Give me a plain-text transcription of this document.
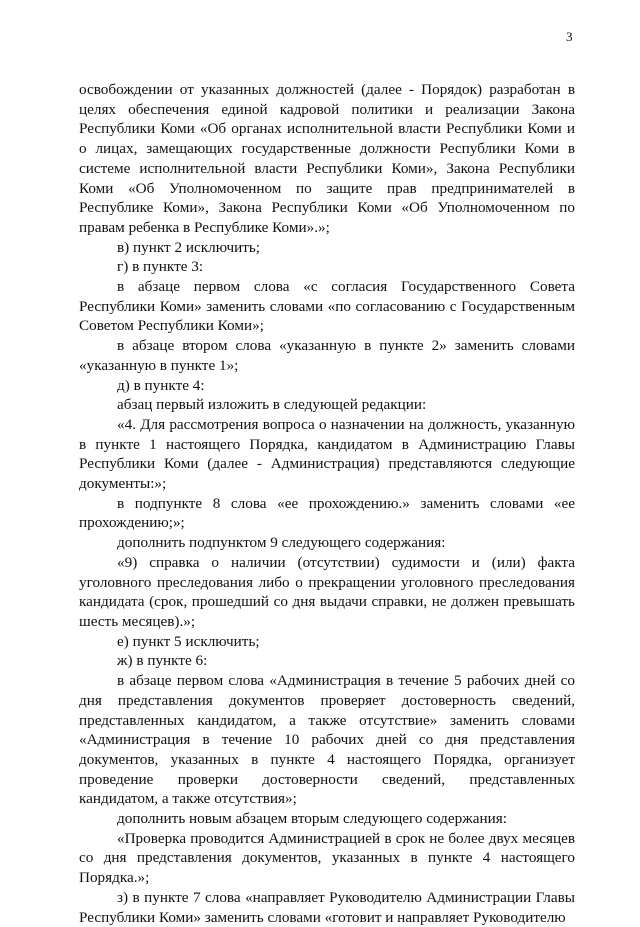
3

освобождении от указанных должностей (далее - Порядок) разработан в целях обеспечения единой кадровой политики и реализации Закона Республики Коми «Об органах исполнительной власти Республики Коми и о лицах, замещающих государственные должности Республики Коми в системе исполнительной власти Республики Коми», Закона Республики Коми «Об Уполномоченном по защите прав предпринимателей в Республике Коми», Закона Республики Коми «Об Уполномоченном по правам ребенка в Республике Коми».»;

в) пункт 2 исключить;

г) в пункте 3:

в абзаце первом слова «с согласия Государственного Совета Республики Коми» заменить словами «по согласованию с Государственным Советом Республики Коми»;

в абзаце втором слова «указанную в пункте 2» заменить словами «указанную в пункте 1»;

д) в пункте 4:

абзац первый изложить в следующей редакции:

«4. Для рассмотрения вопроса о назначении на должность, указанную в пункте 1 настоящего Порядка, кандидатом в Администрацию Главы Республики Коми (далее - Администрация) представляются следующие документы:»;

в подпункте 8 слова «ее прохождению.» заменить словами «ее прохождению;»;

дополнить подпунктом 9 следующего содержания:

«9) справка о наличии (отсутствии) судимости и (или) факта уголовного преследования либо о прекращении уголовного преследования кандидата (срок, прошедший со дня выдачи справки, не должен превышать шесть месяцев).»;

е) пункт 5 исключить;

ж) в пункте 6:

в абзаце первом слова «Администрация в течение 5 рабочих дней со дня представления документов проверяет достоверность сведений, представленных кандидатом, а также отсутствие» заменить словами «Администрация в течение 10 рабочих дней со дня представления документов, указанных в пункте 4 настоящего Порядка, организует проведение проверки достоверности сведений, представленных кандидатом, а также отсутствия»;

дополнить новым абзацем вторым следующего содержания:

«Проверка проводится Администрацией в срок не более двух месяцев со дня представления документов, указанных в пункте 4 настоящего Порядка.»;

з) в пункте 7 слова «направляет Руководителю Администрации Главы Республики Коми» заменить словами «готовит и направляет Руководителю
